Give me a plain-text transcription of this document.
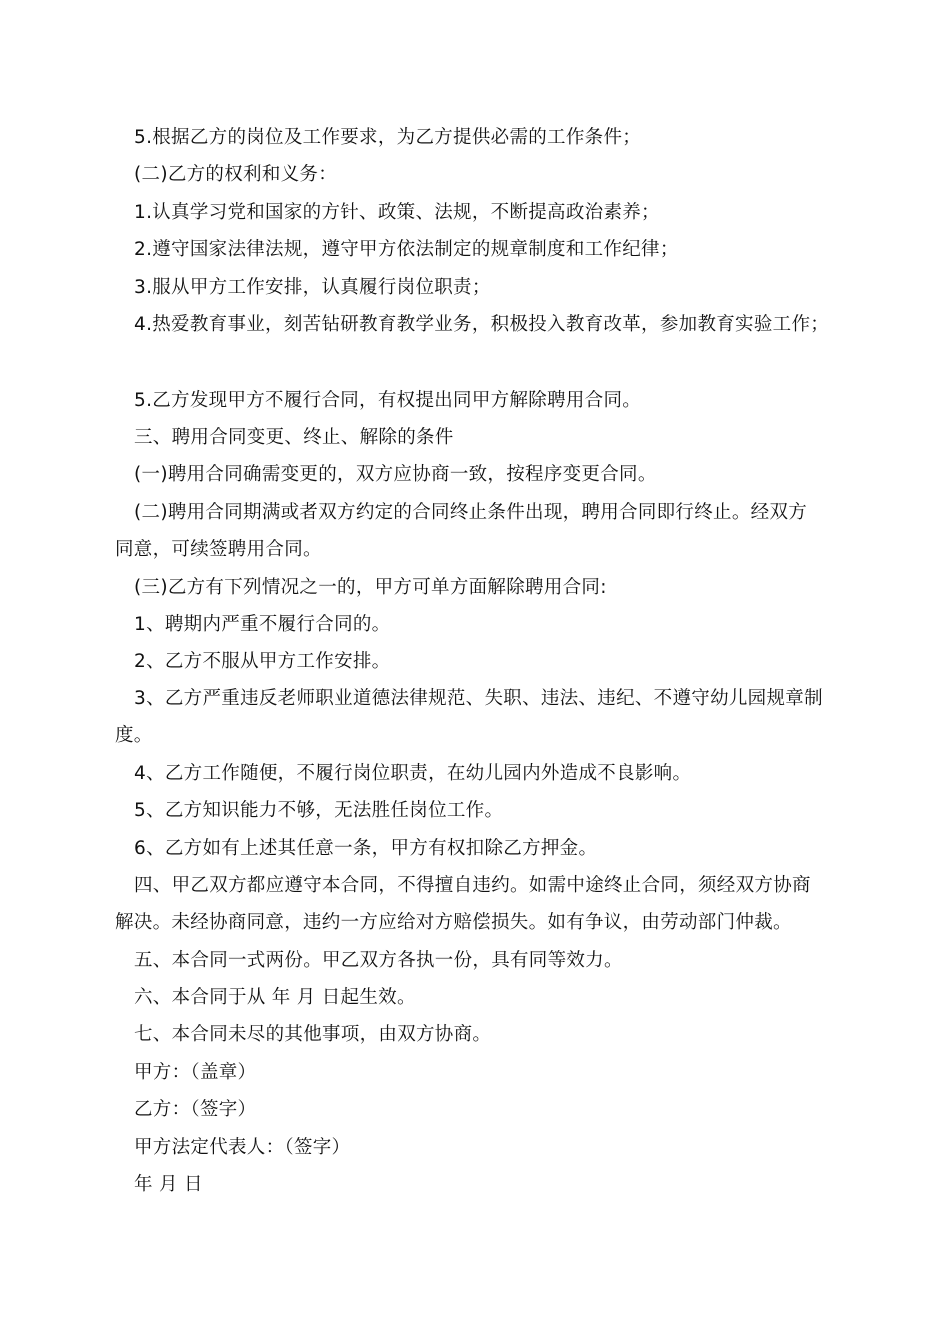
5.根据乙方的岗位及工作要求，为乙方提供必需的工作条件；
(二)乙方的权利和义务：
1.认真学习党和国家的方针、政策、法规，不断提高政治素养；
2.遵守国家法律法规，遵守甲方依法制定的规章制度和工作纪律；
3.服从甲方工作安排，认真履行岗位职责；
4.热爱教育事业，刻苦钻研教育教学业务，积极投入教育改革，参加教育实验工作；
5.乙方发现甲方不履行合同，有权提出同甲方解除聘用合同。
三、聘用合同变更、终止、解除的条件
(一)聘用合同确需变更的，双方应协商一致，按程序变更合同。
(二)聘用合同期满或者双方约定的合同终止条件出现，聘用合同即行终止。经双方
同意，可续签聘用合同。
(三)乙方有下列情况之一的，甲方可单方面解除聘用合同:
1、聘期内严重不履行合同的。
2、乙方不服从甲方工作安排。
3、乙方严重违反老师职业道德法律规范、失职、违法、违纪、不遵守幼儿园规章制
度。
4、乙方工作随便，不履行岗位职责，在幼儿园内外造成不良影响。
5、乙方知识能力不够，无法胜任岗位工作。
6、乙方如有上述其任意一条，甲方有权扣除乙方押金。
四、甲乙双方都应遵守本合同，不得擅自违约。如需中途终止合同，须经双方协商
解决。未经协商同意，违约一方应给对方赔偿损失。如有争议，由劳动部门仲裁。
五、本合同一式两份。甲乙双方各执一份，具有同等效力。
六、本合同于从 年 月 日起生效。
七、本合同未尽的其他事项，由双方协商。
甲方：（盖章）
乙方：（签字）
甲方法定代表人：（签字）
年 月 日
